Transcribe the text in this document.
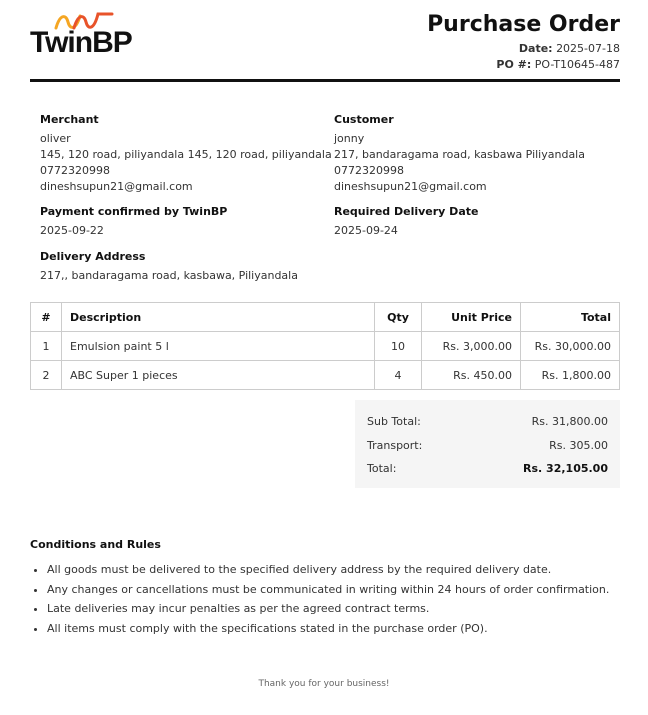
TwinBP
Purchase Order
Date: 2025-07-18
PO #: PO-T10645-487
Merchant
oliver
145, 120 road, piliyandala 145, 120 road, piliyandala
0772320998
dineshsupun21@gmail.com
Customer
jonny
217, bandaragama road, kasbawa Piliyandala
0772320998
dineshsupun21@gmail.com
Payment confirmed by TwinBP
2025-09-22
Required Delivery Date
2025-09-24
Delivery Address
217,, bandaragama road, kasbawa, Piliyandala
#	Description	Qty	Unit Price	Total
1	Emulsion paint 5 l	10	Rs. 3,000.00	Rs. 30,000.00
2	ABC Super 1 pieces	4	Rs. 450.00	Rs. 1,800.00
Sub Total:	Rs. 31,800.00
Transport:	Rs. 305.00
Total:	Rs. 32,105.00
Conditions and Rules
• All goods must be delivered to the specified delivery address by the required delivery date.
• Any changes or cancellations must be communicated in writing within 24 hours of order confirmation.
• Late deliveries may incur penalties as per the agreed contract terms.
• All items must comply with the specifications stated in the purchase order (PO).
Thank you for your business!
